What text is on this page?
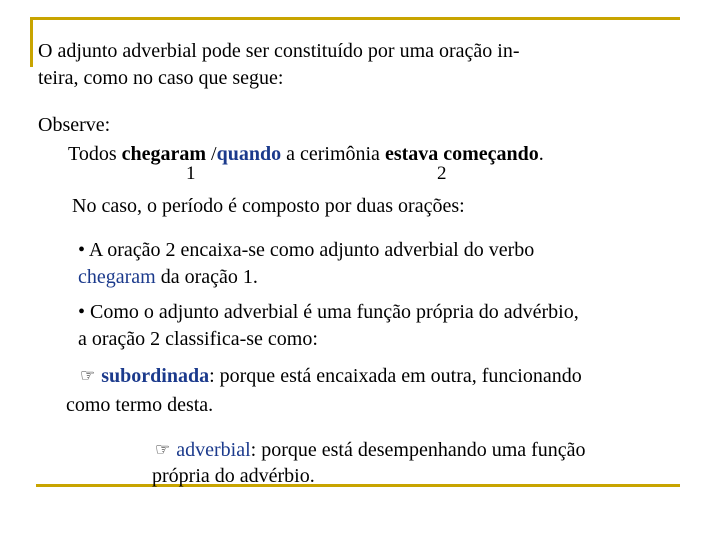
O adjunto adverbial pode ser constituído por uma oração in-
teira, como no caso que segue:
Observe:
Todos chegaram /quando a cerimônia estava começando.
1	2
No caso, o período é composto por duas orações:
• A oração 2 encaixa-se como adjunto adverbial do verbo
chegaram da oração 1.
• Como o adjunto adverbial é uma função própria do advérbio,
a oração 2 classifica-se como:
☞ subordinada: porque está encaixada em outra, funcionando
como termo desta.
☞ adverbial: porque está desempenhando uma função
própria do advérbio.
